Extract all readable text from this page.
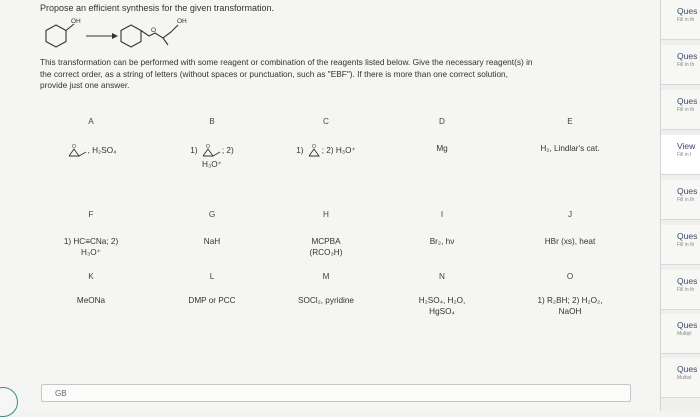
Propose an efficient synthesis for the given transformation.
OH
O
OH
This transformation can be performed with some reagent or combination of the reagents listed below. Give the necessary reagent(s) in
the correct order, as a string of letters (without spaces or punctuation, such as "EBF"). If there is more than one correct solution,
provide just one answer.
A
O , H₂SO₄
B
1) O ; 2)
H₃O⁺
C
1) O ; 2) H₃O⁺
D
Mg
E
H₂, Lindlar's cat.
F
1) HC≡CNa; 2)
H₃O⁺
G
NaH
H
MCPBA
(RCO₃H)
I
Br₂, hν
J
HBr (xs), heat
K
MeONa
L
DMP or PCC
M
SOCl₂, pyridine
N
H₂SO₄, H₂O,
HgSO₄
O
1) R₂BH; 2) H₂O₂,
NaOH
GB
Ques
Fill in th
Ques
Fill in th
Ques
Fill in th
View
Fill in t
Ques
Fill in th
Ques
Fill in th
Ques
Fill in th
Ques
Multipl
Ques
Multist
